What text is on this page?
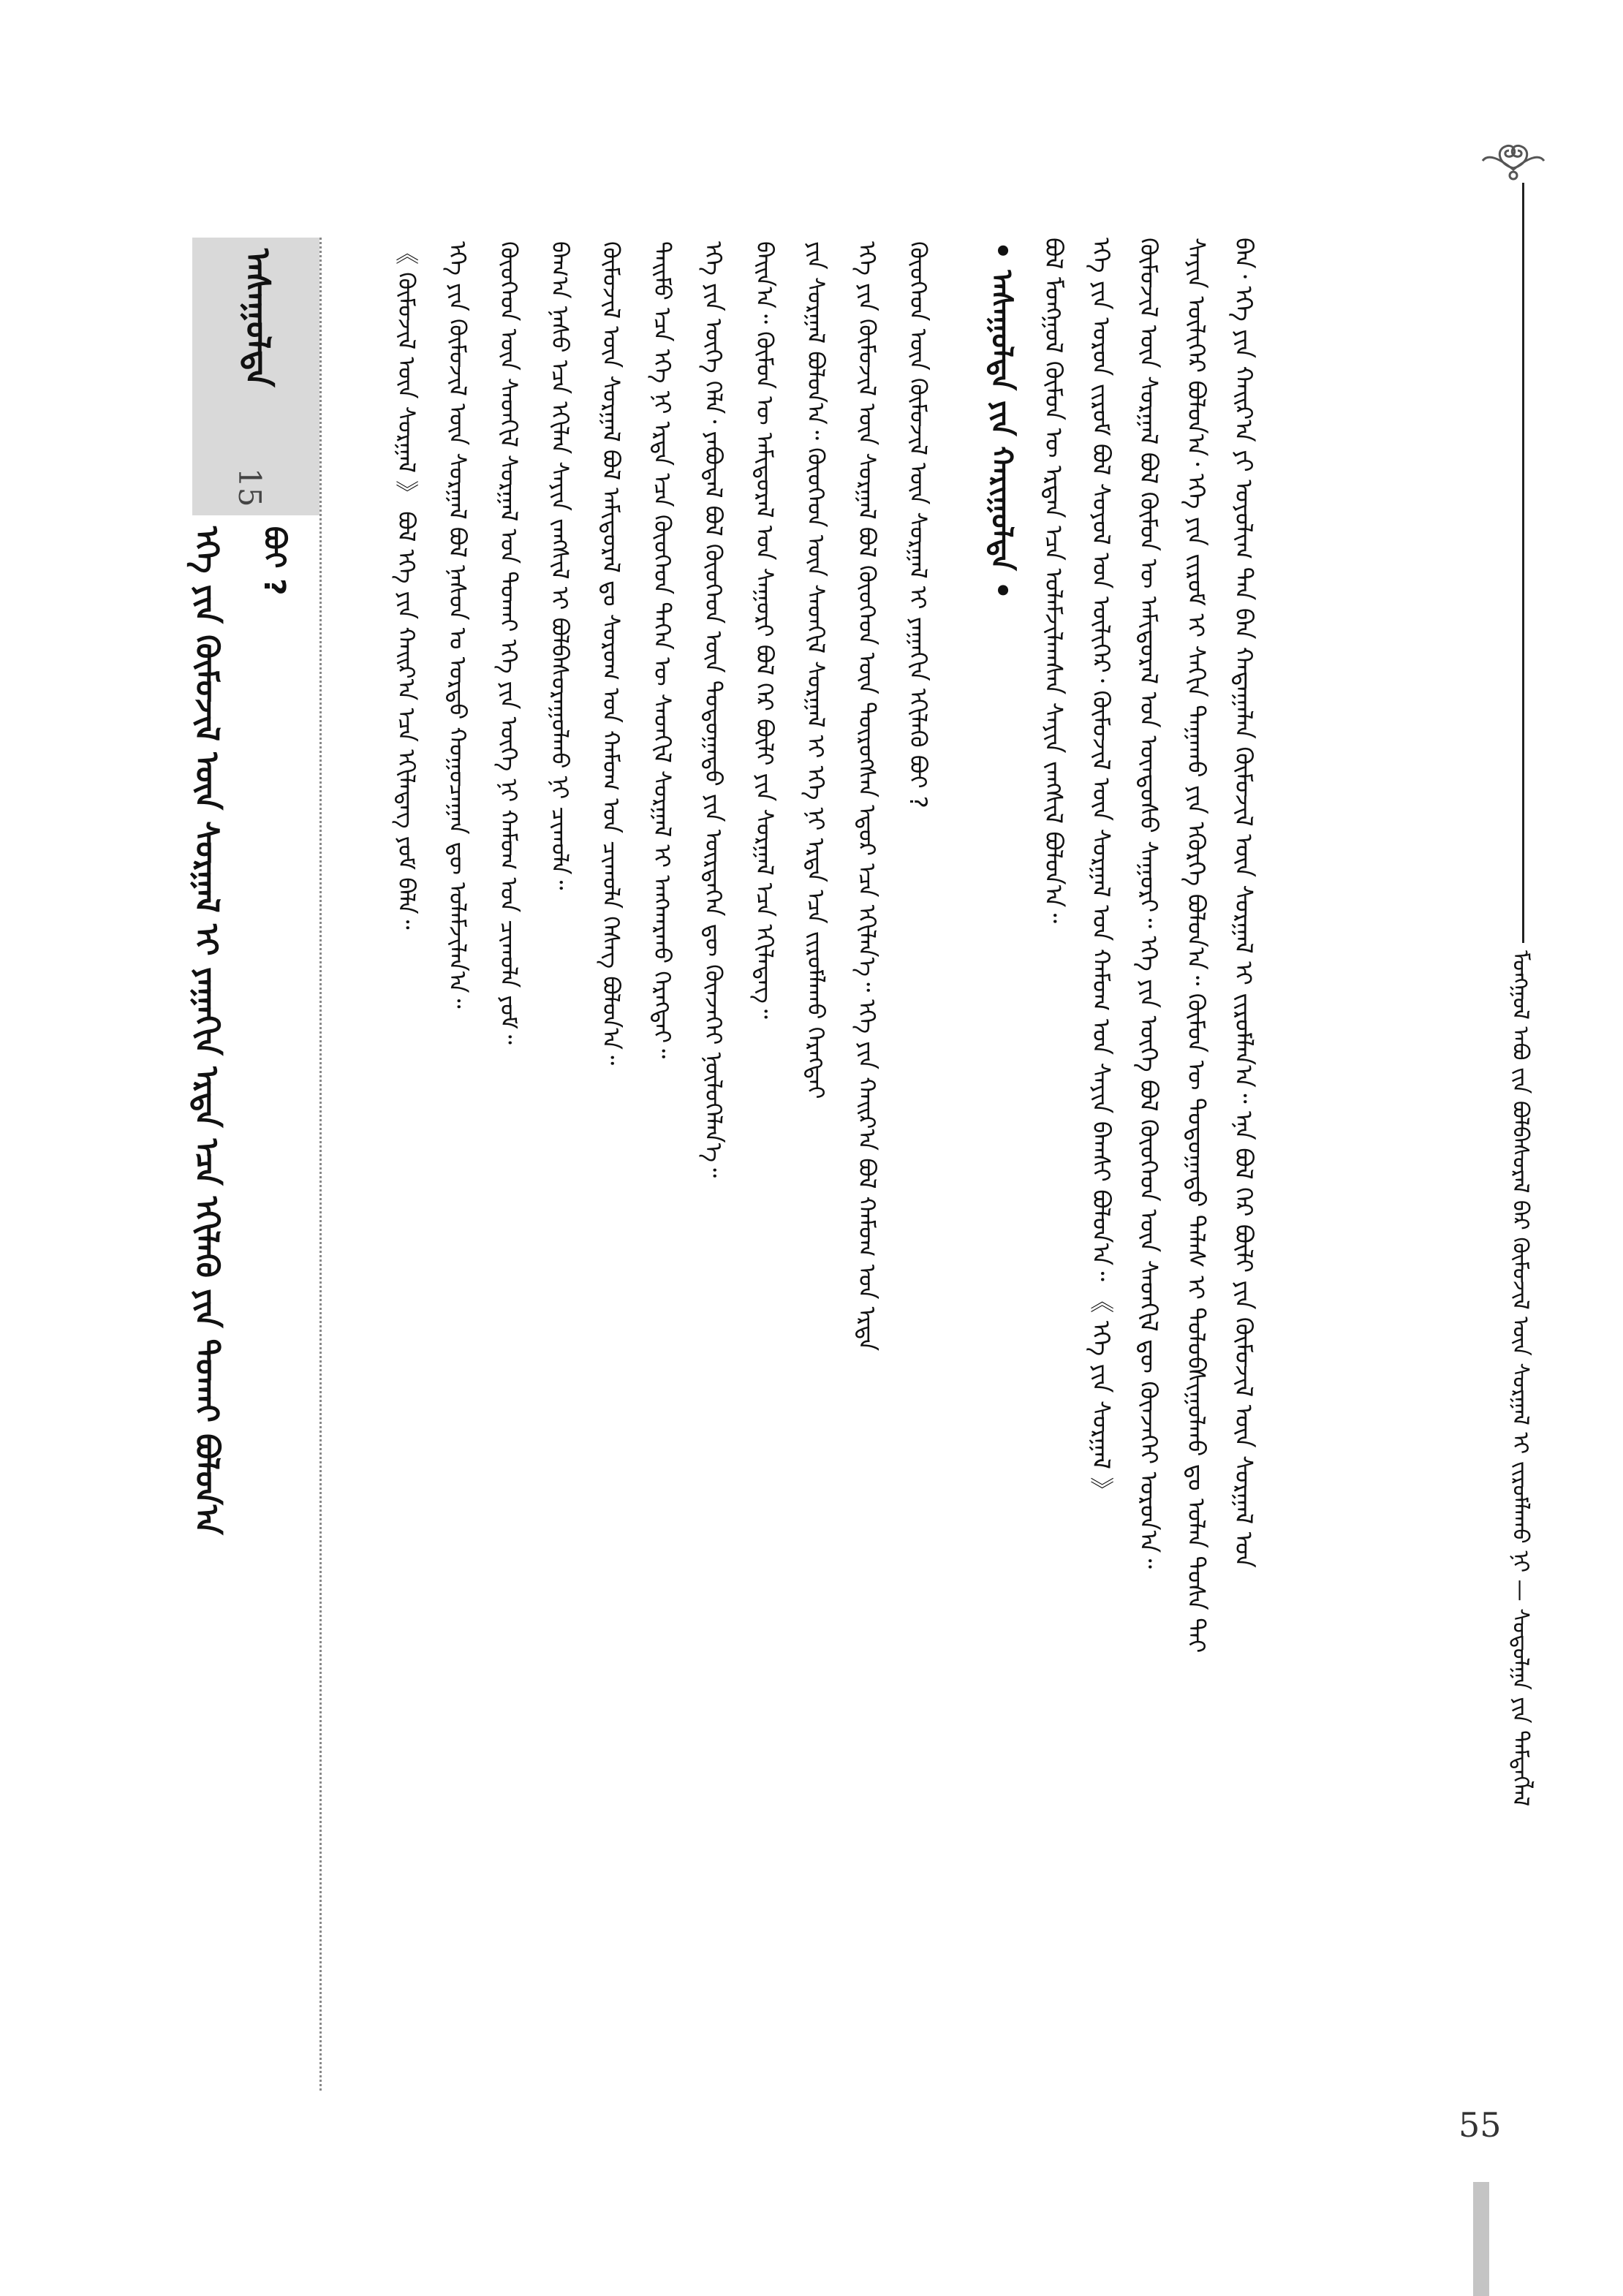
ᠮᠣᠩᠭᠣᠯ ᠠᠪᠤ ᠵᠢᠨ ᠪᠣᠯᠪᠠᠰᠤᠷᠠᠯ ᠪᠡᠷ ᠬᠦᠮᠦᠵᠢᠯ ᠦᠨ ᠰᠤᠷᠭᠠᠯ ᠢ ᠵᠢᠷᠤᠮᠯᠠᠬᠤ ᠨᠢ — ᠰᠤᠳᠤᠯᠭᠠ ᠶᠢᠨ ᠲᠡᠮᠳᠡᠭᠯᠡᠯ
ᠪᠠᠨ᠂ ᠡᠬᠡ ᠶᠢᠨ ᠬᠠᠢᠷ᠎ᠠ ᠶᠢ ᠤᠶᠤᠯᠢᠭ ᠲᠠᠨ ᠪᠡᠨ ᠬᠠᠳᠠᠭᠠᠯᠠᠨ ᠬᠦᠮᠦᠵᠢᠯ ᠦᠨ ᠰᠤᠷᠭᠠᠯ ᠢ ᠵᠢᠷᠤᠮᠯᠠᠨ᠎ᠠ᠃ ᠡᠨᠡ ᠪᠣᠯ ᠭᠡᠷ ᠪᠦᠯᠢ ᠶᠢᠨ ᠬᠦᠮᠦᠵᠢᠯ ᠦᠨ ᠰᠤᠷᠭᠠᠯ ᠤᠨ
ᠰᠠᠶᠢᠨ ᠦᠯᠢᠭᠡᠷ ᠪᠣᠯᠤᠨ᠎ᠠ᠂ ᠡᠬᠡ ᠶᠢᠨ ᠵᠢᠷᠤᠮ ᠢ ᠰᠠᠬᠢᠨ ᠳᠠᠭᠠᠬᠤ ᠶᠢᠨ ᠡᠭᠦᠷᠭᠡ ᠪᠣᠯᠤᠨ᠎ᠠ᠃ ᠬᠦᠮᠦᠨ ᠦ ᠳᠣᠲᠣᠭᠠᠳᠤ ᠲᠠᠯᠠᠰ ᠢ ᠲᠣᠯᠤᠪᠰᠢᠭᠤᠯᠬᠤ ᠳᠤ ᠤᠯᠠᠨ ᠲᠤᠰᠠ ᠲᠠᠢ
ᠬᠦᠮᠦᠵᠢᠯ ᠦᠨ ᠰᠤᠷᠭᠠᠯ ᠪᠣᠯ ᠬᠦᠮᠦᠨ ᠦ ᠠᠮᠢᠳᠤᠷᠠᠯ ᠤᠨ ᠦᠨᠳᠦᠰᠦ ᠰᠠᠭᠤᠷᠢ᠃ ᠡᠬᠡ ᠶᠢᠨ ᠦᠭᠡ ᠪᠣᠯ ᠬᠦᠦᠬᠡᠳ ᠦᠨ ᠰᠡᠳᠬᠢᠯ ᠳᠦ ᠭᠦᠨᠵᠡᠭᠡᠢ ᠣᠷᠣᠨ᠎ᠠ᠃
ᠡᠬᠡ ᠶᠢᠨ ᠤᠷᠤᠨ ᠵᠢᠷᠤᠮ ᠪᠣᠯ ᠰᠣᠶᠣᠯ ᠤᠨ ᠦᠯᠢᠭᠡᠷ᠂ ᠬᠦᠮᠦᠵᠢᠯ ᠦᠨ ᠰᠤᠷᠭᠠᠯ ᠤᠨ ᠬᠠᠮᠤᠭ ᠤᠨ ᠰᠠᠶᠢᠨ ᠪᠠᠭᠰᠢ ᠪᠣᠯᠤᠨ᠎ᠠ᠃ 《 ᠡᠬᠡ ᠶᠢᠨ ᠰᠤᠷᠭᠠᠯ 》
ᠪᠣᠯ ᠮᠣᠩᠭᠣᠯ ᠬᠦᠮᠦᠨ ᠦ ᠡᠷᠲᠡᠨ ᠡᠴᠡ ᠤᠯᠠᠮᠵᠢᠯᠠᠭᠰᠠᠨ ᠰᠠᠶᠢᠨ ᠵᠠᠩᠱᠢᠯ ᠪᠣᠯᠤᠨ᠎ᠠ᠃
• ᠠᠰᠠᠭᠤᠯᠲᠠ ᠶᠢᠨ ᠬᠠᠷᠢᠭᠤᠯᠲᠠ •
ᠠᠰᠠᠭᠤᠯᠲᠠ
15
ᠡᠬᠡ ᠶᠢᠨ ᠬᠦᠮᠦᠵᠢᠯ ᠦᠨ ᠰᠤᠷᠭᠠᠯ ᠢ ᠶᠠᠭᠠᠬᠢᠨ ᠡᠷᠲᠡ ᠡᠴᠡ ᠡᠬᠢᠯᠡᠬᠦ ᠶᠢᠨ ᠲᠤᠬᠠᠢ ᠪᠣᠯᠤᠨ᠎ᠠ ᠪᠣᠢ ?	ᠬᠦᠦᠬᠡᠳ ᠦᠨ ᠬᠦᠮᠦᠵᠢᠯ ᠦᠨ ᠰᠤᠷᠭᠠᠯ ᠢ ᠶᠠᠭᠠᠬᠢᠨ ᠡᠬᠢᠯᠡᠬᠦ ᠪᠣᠢ ?
ᠡᠬᠡ ᠶᠢᠨ ᠬᠦᠮᠦᠵᠢᠯ ᠦᠨ ᠰᠤᠷᠭᠠᠯ ᠪᠣᠯ ᠬᠦᠦᠬᠡᠳ ᠦᠨ ᠲᠥᠷᠦᠭᠰᠡᠨ ᠡᠳᠦᠷ ᠡᠴᠡ ᠡᠬᠢᠯᠡᠨ᠎ᠡ᠃ ᠡᠬᠡ ᠶᠢᠨ ᠬᠠᠢᠷ᠎ᠠ ᠪᠣᠯ ᠬᠠᠮᠤᠭ ᠤᠨ ᠡᠷᠲᠡ
ᠶᠢᠨ ᠰᠤᠷᠭᠠᠯ ᠪᠣᠯᠤᠨ᠎ᠠ᠃ ᠬᠦᠦᠬᠡᠳ ᠦᠨ ᠰᠡᠳᠬᠢᠯ ᠰᠤᠷᠭᠠᠯ ᠢ ᠡᠬᠡ ᠨᠢ ᠡᠷᠲᠡ ᠡᠴᠡ ᠵᠢᠷᠤᠮᠯᠠᠬᠤ ᠬᠡᠷᠡᠭᠲᠡᠢ
ᠪᠠᠢᠨ᠎ᠠ᠃ ᠬᠦᠮᠦᠨ ᠦ ᠠᠮᠢᠳᠤᠷᠠᠯ ᠤᠨ ᠰᠠᠭᠤᠷᠢ ᠪᠣᠯ ᠭᠡᠷ ᠪᠦᠯᠢ ᠶᠢᠨ ᠰᠤᠷᠭᠠᠯ ᠡᠴᠡ ᠡᠬᠢᠯᠡᠳᠡᠭ᠃
ᠡᠬᠡ ᠶᠢᠨ ᠦᠭᠡ ᠬᠡᠯᠡ᠂ ᠶᠠᠪᠤᠳᠠᠯ ᠪᠣᠯ ᠬᠦᠦᠬᠡᠳ ᠦᠨ ᠳᠣᠲᠣᠭᠠᠳᠤ ᠶᠢᠨ ᠥᠷᠲᠡᠭᠡᠨ ᠳᠦ ᠭᠦᠨᠵᠡᠭᠡᠢ ᠨᠥᠯᠥᠭᠡᠯᠡᠨ᠎ᠡ᠃
ᠲᠡᠢᠮᠦ ᠡᠴᠡ ᠡᠬᠡ ᠨᠢ ᠡᠷᠲᠡ ᠡᠴᠡ ᠬᠦᠦᠬᠡᠳ ᠲᠡᠭᠡᠨ ᠦ ᠰᠡᠳᠬᠢᠯ ᠰᠤᠷᠭᠠᠯ ᠢ ᠠᠩᠬᠠᠷᠬᠤ ᠬᠡᠷᠡᠭᠲᠡᠢ᠃
ᠬᠦᠮᠦᠵᠢᠯ ᠦᠨ ᠰᠤᠷᠭᠠᠯ ᠪᠣᠯ ᠠᠮᠢᠳᠤᠷᠠᠯ ᠳᠤ ᠰᠤᠷᠤᠭ ᠤᠨ ᠬᠠᠮᠤᠭ ᠤᠨ ᠴᠢᠬᠤᠯᠠ ᠬᠡᠰᠡᠭ ᠪᠣᠯᠤᠨ᠎ᠠ᠃
ᠪᠠᠭ᠎ᠠ ᠨᠠᠰᠤ ᠡᠴᠡ ᠡᠬᠢᠯᠡᠨ ᠰᠠᠶᠢᠨ ᠵᠠᠩᠱᠢᠯ ᠢ ᠪᠣᠯᠪᠠᠰᠤᠷᠠᠭᠤᠯᠬᠤ ᠨᠢ ᠴᠢᠬᠤᠯᠠ᠃
ᠬᠦᠦᠬᠡᠳ ᠦᠨ ᠰᠡᠳᠬᠢᠯ ᠰᠤᠷᠭᠠᠯ ᠤᠨ ᠲᠤᠬᠠᠢ ᠡᠬᠡ ᠶᠢᠨ ᠦᠭᠡ ᠨᠢ ᠬᠠᠮᠤᠭ ᠤᠨ ᠴᠢᠬᠤᠯᠠ ᠶᠤᠮ᠃
ᠡᠬᠡ ᠶᠢᠨ ᠬᠦᠮᠦᠵᠢᠯ ᠦᠨ ᠰᠤᠷᠭᠠᠯ ᠪᠣᠯ ᠨᠠᠰᠤᠨ ᠤ ᠤᠷᠲᠤ ᠬᠤᠭᠤᠴᠠᠭᠠᠨ ᠳᠦ ᠤᠯᠠᠮᠵᠢᠯᠠᠨ᠎ᠠ᠃
《 ᠬᠦᠮᠦᠵᠢᠯ ᠦᠨ ᠰᠤᠷᠭᠠᠯ 》 ᠪᠣᠯ ᠡᠬᠡ ᠶᠢᠨ ᠬᠠᠢᠷ᠎ᠠ ᠡᠴᠡ ᠡᠬᠢᠯᠡᠳᠡᠭ ᠶᠤᠮ ᠪᠡᠯᠡ᠃
55
